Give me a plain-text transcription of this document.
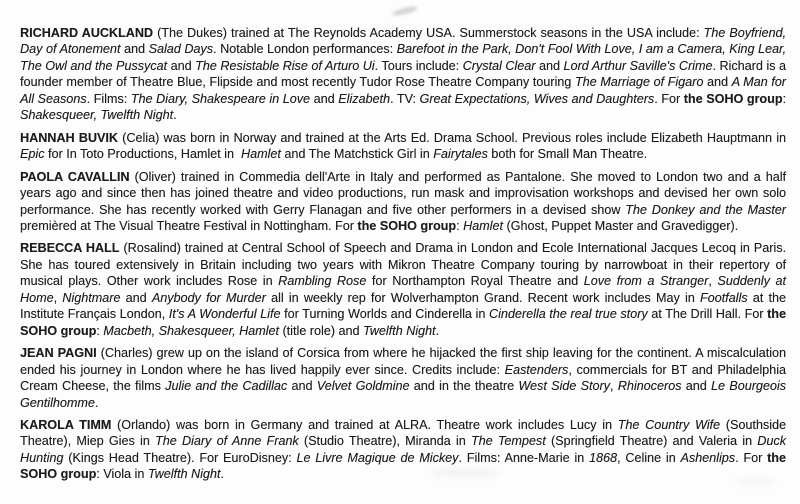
RICHARD AUCKLAND (The Dukes) trained at The Reynolds Academy USA. Summerstock seasons in the USA include: The Boyfriend, Day of Atonement and Salad Days. Notable London performances: Barefoot in the Park, Don't Fool With Love, I am a Camera, King Lear, The Owl and the Pussycat and The Resistable Rise of Arturo Ui. Tours include: Crystal Clear and Lord Arthur Saville's Crime. Richard is a founder member of Theatre Blue, Flipside and most recently Tudor Rose Theatre Company touring The Marriage of Figaro and A Man for All Seasons. Films: The Diary, Shakespeare in Love and Elizabeth. TV: Great Expectations, Wives and Daughters. For the SOHO group: Shakesqueer, Twelfth Night.

HANNAH BUVIK (Celia) was born in Norway and trained at the Arts Ed. Drama School. Previous roles include Elizabeth Hauptmann in Epic for In Toto Productions, Hamlet in  Hamlet and The Matchstick Girl in Fairytales both for Small Man Theatre.

PAOLA CAVALLIN (Oliver) trained in Commedia dell'Arte in Italy and performed as Pantalone. She moved to London two and a half years ago and since then has joined theatre and video productions, run mask and improvisation workshops and devised her own solo performance. She has recently worked with Gerry Flanagan and five other performers in a devised show The Donkey and the Master premièred at The Visual Theatre Festival in Nottingham. For the SOHO group: Hamlet (Ghost, Puppet Master and Gravedigger).

REBECCA HALL (Rosalind) trained at Central School of Speech and Drama in London and Ecole International Jacques Lecoq in Paris. She has toured extensively in Britain including two years with Mikron Theatre Company touring by narrowboat in their repertory of musical plays. Other work includes Rose in Rambling Rose for Northampton Royal Theatre and Love from a Stranger, Suddenly at Home, Nightmare and Anybody for Murder all in weekly rep for Wolverhampton Grand. Recent work includes May in Footfalls at the Institute Français London, It's A Wonderful Life for Turning Worlds and Cinderella in Cinderella the real true story at The Drill Hall. For the SOHO group: Macbeth, Shakesqueer, Hamlet (title role) and Twelfth Night.

JEAN PAGNI (Charles) grew up on the island of Corsica from where he hijacked the first ship leaving for the continent. A miscalculation ended his journey in London where he has lived happily ever since. Credits include: Eastenders, commercials for BT and Philadelphia Cream Cheese, the films Julie and the Cadillac and Velvet Goldmine and in the theatre West Side Story, Rhinoceros and Le Bourgeois Gentilhomme.

KAROLA TIMM (Orlando) was born in Germany and trained at ALRA. Theatre work includes Lucy in The Country Wife (Southside Theatre), Miep Gies in The Diary of Anne Frank (Studio Theatre), Miranda in The Tempest (Springfield Theatre) and Valeria in Duck Hunting (Kings Head Theatre). For EuroDisney: Le Livre Magique de Mickey. Films: Anne-Marie in 1868, Celine in Ashenlips. For the SOHO group: Viola in Twelfth Night.
